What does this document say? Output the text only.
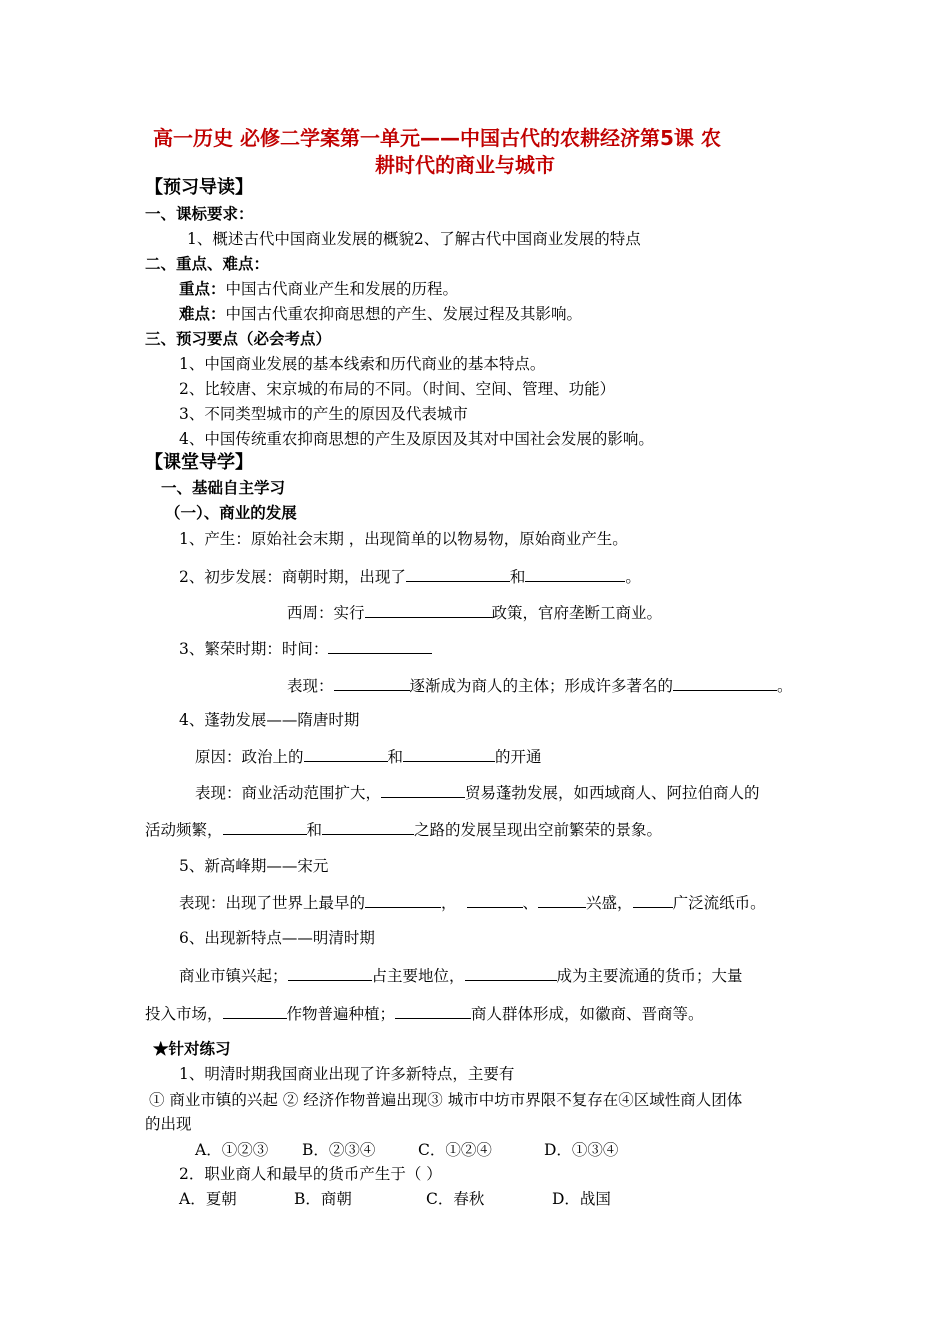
高一历史 必修二学案第一单元——中国古代的农耕经济第5课 农
耕时代的商业与城市
【预习导读】
一、课标要求：
1、概述古代中国商业发展的概貌2、了解古代中国商业发展的特点
二、重点、难点：
重点：中国古代商业产生和发展的历程。
难点：中国古代重农抑商思想的产生、发展过程及其影响。
三、预习要点（必会考点）
1、中国商业发展的基本线索和历代商业的基本特点。
2、比较唐、宋京城的布局的不同。（时间、空间、管理、功能）
3、不同类型城市的产生的原因及代表城市
4、中国传统重农抑商思想的产生及原因及其对中国社会发展的影响。
【课堂导学】
一、基础自主学习
（一）、商业的发展
1、产生：原始社会末期 ，出现简单的以物易物，原始商业产生。
2、初步发展：商朝时期，出现了	和	。
西周：实行	政策，官府垄断工商业。
3、繁荣时期：时间：
表现：	逐渐成为商人的主体；形成许多著名的	。
4、蓬勃发展——隋唐时期
原因：政治上的	和	的开通
表现：商业活动范围扩大，	贸易蓬勃发展，如西域商人、阿拉伯商人的
活动频繁，	和	之路的发展呈现出空前繁荣的景象。
5、新高峰期——宋元
表现：出现了世界上最早的	，	、	兴盛，	广泛流纸币。
6、出现新特点——明清时期
商业市镇兴起；	占主要地位，	成为主要流通的货币；大量
投入市场，	作物普遍种植；	商人群体形成，如徽商、晋商等。
★针对练习
1、明清时期我国商业出现了许多新特点，主要有
① 商业市镇的兴起 ② 经济作物普遍出现③ 城市中坊市界限不复存在④区域性商人团体
的出现
A．①②③ B．②③④	C．①②④	D．①③④
2．职业商人和最早的货币产生于（ ）
A．夏朝	B．商朝	C．春秋	D．战国
